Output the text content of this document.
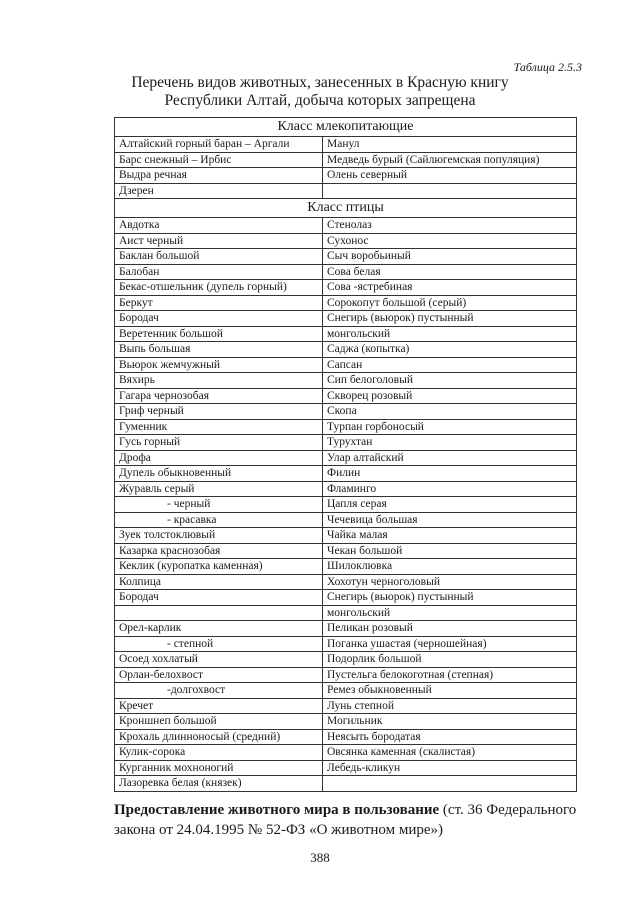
Таблица 2.5.3
Перечень видов животных, занесенных в Красную книгу
Республики Алтай, добыча которых запрещена
Класс млекопитающие	
Алтайский горный баран – Аргали	Манул
Барс снежный – Ирбис	Медведь бурый (Сайлюгемская популяция)
Выдра речная	Олень северный
Дзерен	
Класс птицы	
Авдотка	Стенолаз
Аист черный	Сухонос
Баклан большой	Сыч воробьиный
Балобан	Сова белая
Бекас-отшельник (дупель горный)	Сова -ястребиная
Беркут	Сорокопут большой (серый)
Бородач	Снегирь (вьюрок) пустынный
Веретенник большой	монгольский
Выпь большая	Саджа (копытка)
Вьюрок жемчужный	Сапсан
Вяхирь	Сип белоголовый
Гагара чернозобая	Скворец розовый
Гриф черный	Скопа
Гуменник	Турпан горбоносый
Гусь горный	Турухтан
Дрофа	Улар алтайский
Дупель обыкновенный	Филин
Журавль серый	Фламинго
- черный	Цапля серая
- красавка	Чечевица большая
Зуек толстоклювый	Чайка малая
Казарка краснозобая	Чекан большой
Кеклик (куропатка каменная)	Шилоклювка
Колпица	Хохотун черноголовый
Бородач	Снегирь (вьюрок) пустынный
	монгольский
Орел-карлик	Пеликан розовый
- степной	Поганка ушастая (черношейная)
Осоед хохлатый	Подорлик большой
Орлан-белохвост	Пустельга белокоготная (степная)
-долгохвост	Ремез обыкновенный
Кречет	Лунь степной
Кроншнеп большой	Могильник
Крохаль длинноносый (средний)	Неясыть бородатая
Кулик-сорока	Овсянка каменная (скалистая)
Курганник мохноногий	Лебедь-кликун
Лазоревка белая (князек)	
Предоставление животного мира в пользование (ст. 36 Федерального закона от 24.04.1995 № 52-ФЗ «О животном мире»)
388
